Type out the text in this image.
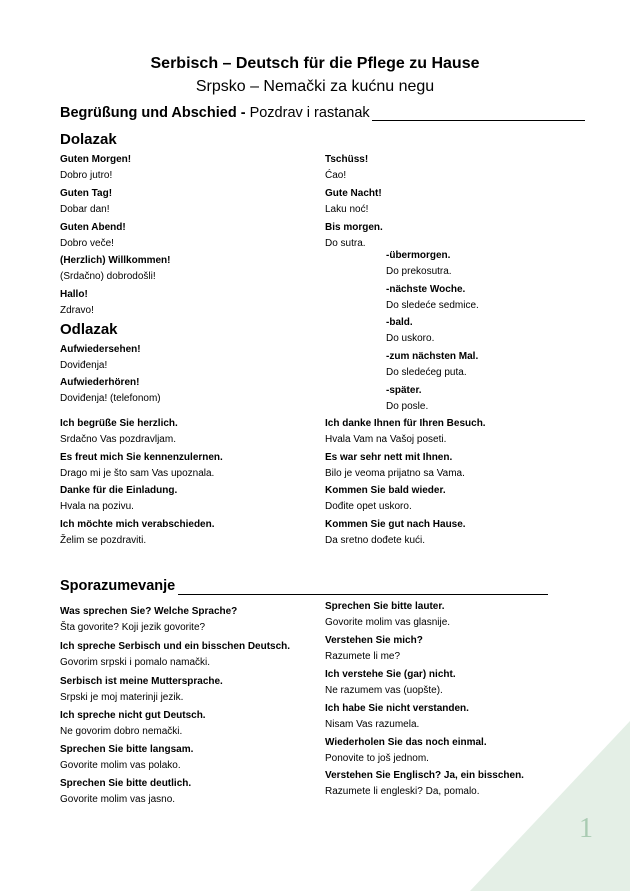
1
Serbisch – Deutsch für die Pflege zu Hause
Srpsko – Nemački za kućnu negu
Begrüßung und Abschied - Pozdrav i rastanak
Dolazak
Guten Morgen!
Dobro jutro!
Guten Tag!
Dobar dan!
Guten Abend!
Dobro veče!
(Herzlich) Willkommen!
(Srdačno) dobrodošli!
Hallo!
Zdravo!
Tschüss!
Ćao!
Gute Nacht!
Laku noć!
Bis morgen.
Do sutra.
-übermorgen.
Do prekosutra.
-nächste Woche.
Do sledeće sedmice.
-bald.
Do uskoro.
-zum nächsten Mal.
Do sledećeg puta.
-später.
Do posle.
Odlazak
Aufwiedersehen!
Doviđenja!
Aufwiederhören!
Doviđenja! (telefonom)
Ich begrüße Sie herzlich.
Srdačno Vas pozdravljam.
Es freut mich Sie kennenzulernen.
Drago mi je što sam Vas upoznala.
Danke für die Einladung.
Hvala na pozivu.
Ich möchte mich verabschieden.
Želim se pozdraviti.
Ich danke Ihnen für Ihren Besuch.
Hvala Vam na Vašoj poseti.
Es war sehr nett mit Ihnen.
Bilo je veoma prijatno sa Vama.
Kommen Sie bald wieder.
Dođite opet uskoro.
Kommen Sie gut nach Hause.
Da sretno dođete kući.
Sporazumevanje
Was sprechen Sie? Welche Sprache?
Šta govorite? Koji jezik govorite?
Ich spreche Serbisch und ein bisschen Deutsch.
Govorim srpski i pomalo namački.
Serbisch ist meine Muttersprache.
Srpski je moj materinji jezik.
Ich spreche nicht gut Deutsch.
Ne govorim dobro nemački.
Sprechen Sie bitte langsam.
Govorite molim vas polako.
Sprechen Sie bitte deutlich.
Govorite molim vas jasno.
Sprechen Sie bitte lauter.
Govorite molim vas glasnije.
Verstehen Sie mich?
Razumete li me?
Ich verstehe Sie (gar) nicht.
Ne razumem vas (uopšte).
Ich habe Sie nicht verstanden.
Nisam Vas razumela.
Wiederholen Sie das noch einmal.
Ponovite to još jednom.
Verstehen Sie Englisch? Ja, ein bisschen.
Razumete li engleski? Da, pomalo.
